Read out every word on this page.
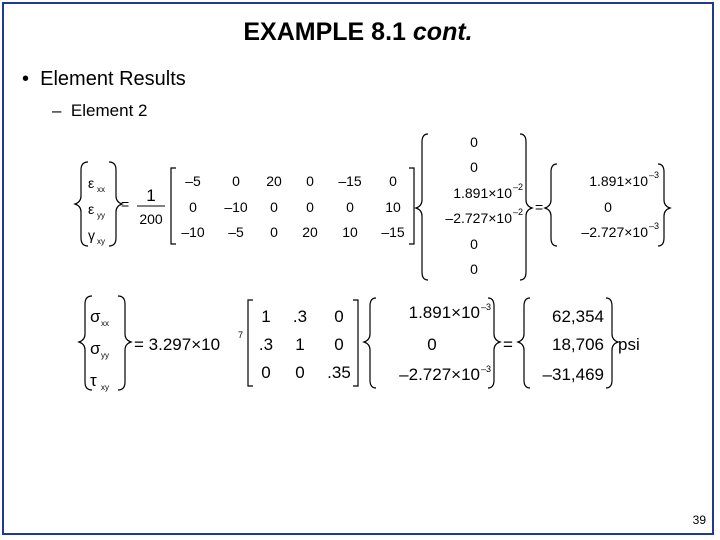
EXAMPLE 8.1 cont.
• Element Results
– Element 2
ε xx
ε yy
γ xy
= 1
200
–5 0 20 0 –15 0
0 –10 0 0 0 10
–10 –5 0 20 10 –15
0
0
1.891×10 –2
–2.727×10 –2
0
0
=
1.891×10 –3
0
–2.727×10 –3
σ xx
σ yy
τ xy
= 3.297×10 7
1 .3 0
.3 1 0
0 0 .35
1.891×10 –3
0
–2.727×10 –3
=
62,354
18,706
–31,469
psi
39
